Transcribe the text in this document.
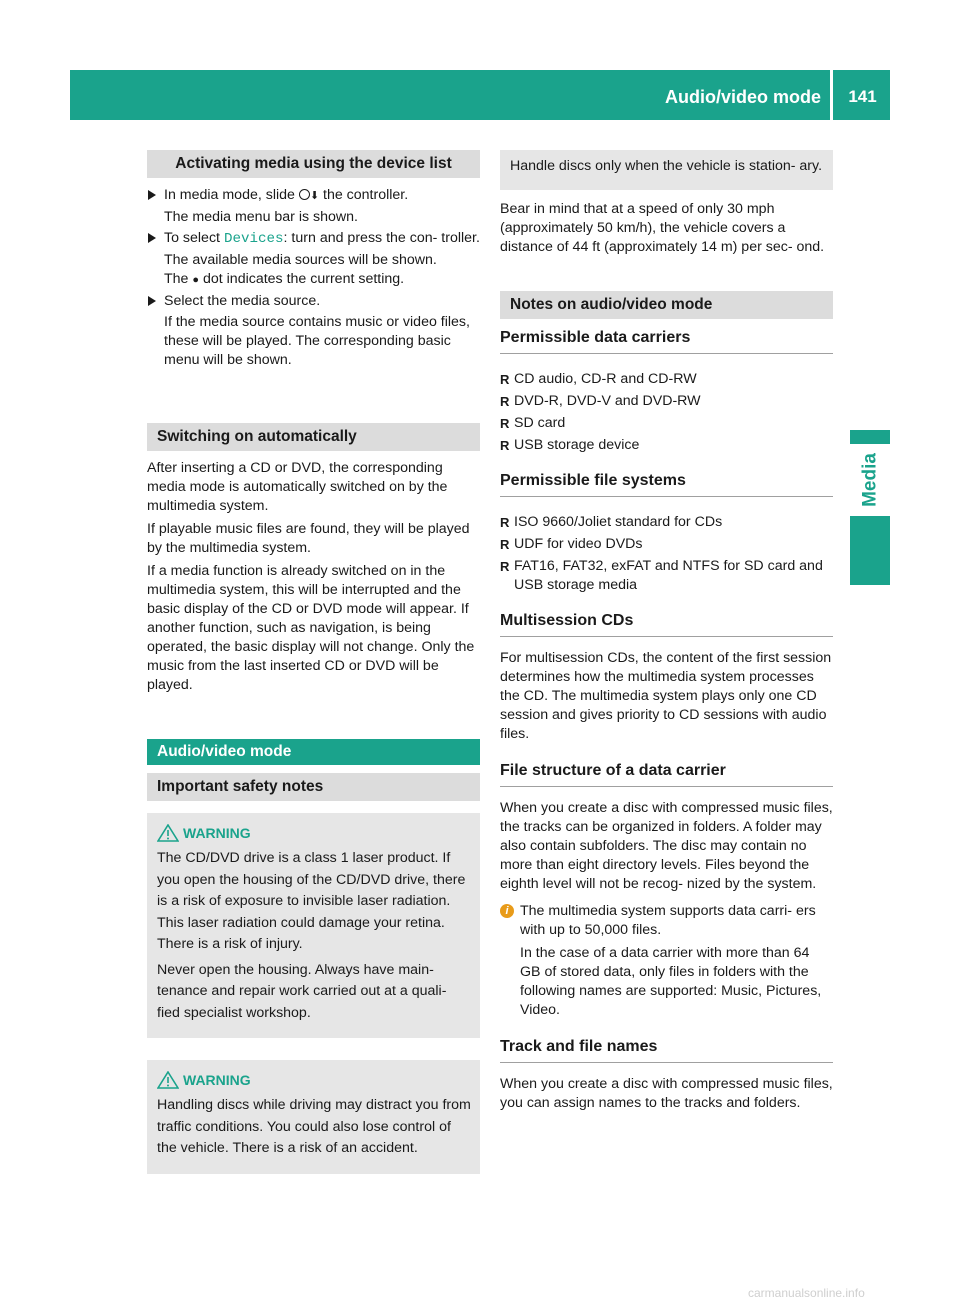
Audio/video mode	141
Media
Activating media using the device list
In media mode, slide ⬇ the controller.
The media menu bar is shown.
To select Devices: turn and press the con- troller.
The available media sources will be shown.
The ● dot indicates the current setting.
Select the media source.
If the media source contains music or video files, these will be played. The corresponding basic menu will be shown.
Switching on automatically

After inserting a CD or DVD, the corresponding media mode is automatically switched on by the multimedia system.

If playable music files are found, they will be played by the multimedia system.

If a media function is already switched on in the multimedia system, this will be interrupted and the basic display of the CD or DVD mode will appear. If another function, such as navigation, is being operated, the basic display will not change. Only the music from the last inserted CD or DVD will be played.

Audio/video mode
Important safety notes
WARNING

The CD/DVD drive is a class 1 laser product. If you open the housing of the CD/DVD drive, there is a risk of exposure to invisible laser radiation. This laser radiation could damage your retina. There is a risk of injury.

Never open the housing. Always have main- tenance and repair work carried out at a quali- fied specialist workshop.

WARNING

Handling discs while driving may distract you from traffic conditions. You could also lose control of the vehicle. There is a risk of an accident.

Handle discs only when the vehicle is station- ary.

Bear in mind that at a speed of only 30 mph (approximately 50 km/h), the vehicle covers a distance of 44 ft (approximately 14 m) per sec- ond.

Notes on audio/video mode
Permissible data carriers
R CD audio, CD-R and CD-RW
R DVD-R, DVD-V and DVD-RW
R SD card
R USB storage device
Permissible file systems
R ISO 9660/Joliet standard for CDs
R UDF for video DVDs
R FAT16, FAT32, exFAT and NTFS for SD card and USB storage media
Multisession CDs

For multisession CDs, the content of the first session determines how the multimedia system processes the CD. The multimedia system plays only one CD session and gives priority to CD sessions with audio files.

File structure of a data carrier

When you create a disc with compressed music files, the tracks can be organized in folders. A folder may also contain subfolders. The disc may contain no more than eight directory levels. Files beyond the eighth level will not be recog- nized by the system.

i The multimedia system supports data carri- ers with up to 50,000 files.

In the case of a data carrier with more than 64 GB of stored data, only files in folders with the following names are supported: Music, Pictures, Video.

Track and file names

When you create a disc with compressed music files, you can assign names to the tracks and folders.

carmanualsonline.info
